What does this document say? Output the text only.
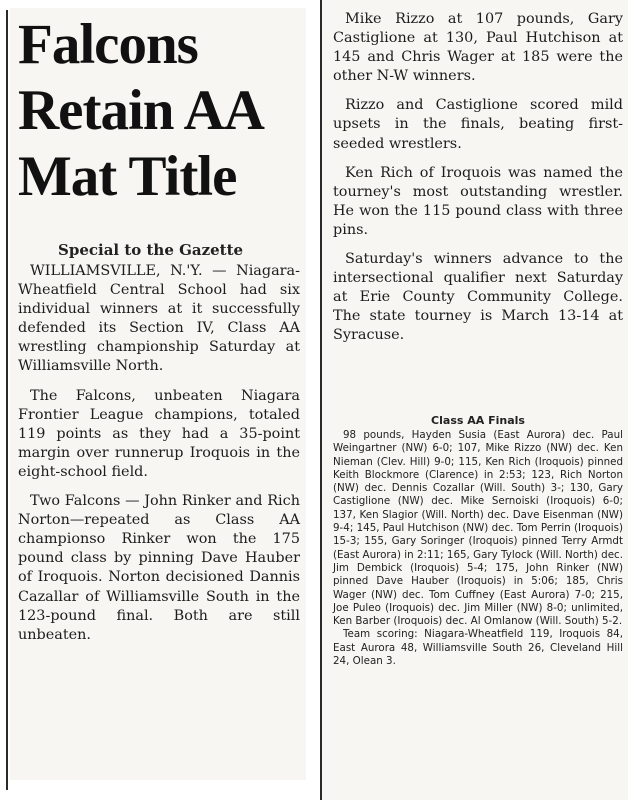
Falcons
Retain AA
Mat Title
Special to the Gazette

WILLIAMSVILLE, N.'Y. — Niagara-Wheatfield Central School had six individual winners at it successfully defended its Section IV, Class AA wrestling championship Saturday at Williamsville North.

The Falcons, unbeaten Niagara Frontier League champions, totaled 119 points as they had a 35-point margin over runnerup Iroquois in the eight-school field.

Two Falcons — John Rinker and Rich Norton—repeated as Class AA championso Rinker won the 175 pound class by pinning Dave Hauber of Iroquois. Norton decisioned Dannis Cazallar of Williamsville South in the 123-pound final. Both are still unbeaten.

Mike Rizzo at 107 pounds, Gary Castiglione at 130, Paul Hutchison at 145 and Chris Wager at 185 were the other N-W winners.

Rizzo and Castiglione scored mild upsets in the finals, beating first-seeded wrestlers.

Ken Rich of Iroquois was named the tourney's most outstanding wrestler. He won the 115 pound class with three pins.

Saturday's winners advance to the intersectional qualifier next Saturday at Erie County Community College. The state tourney is March 13-14 at Syracuse.

Class AA Finals

98 pounds, Hayden Susia (East Aurora) dec. Paul Weingartner (NW) 6-0; 107, Mike Rizzo (NW) dec. Ken Nieman (Clev. Hill) 9-0; 115, Ken Rich (Iroquois) pinned Keith Blockmore (Clarence) in 2:53; 123, Rich Norton (NW) dec. Dennis Cozallar (Will. South) 3-; 130, Gary Castiglione (NW) dec. Mike Sernoiski (Iroquois) 6-0; 137, Ken Slagior (Will. North) dec. Dave Eisenman (NW) 9-4; 145, Paul Hutchison (NW) dec. Tom Perrin (Iroquois) 15-3; 155, Gary Soringer (Iroquois) pinned Terry Armdt (East Aurora) in 2:11; 165, Gary Tylock (Will. North) dec. Jim Dembick (Iroquois) 5-4; 175, John Rinker (NW) pinned Dave Hauber (Iroquois) in 5:06; 185, Chris Wager (NW) dec. Tom Cuffney (East Aurora) 7-0; 215, Joe Puleo (Iroquois) dec. Jim Miller (NW) 8-0; unlimited, Ken Barber (Iroquois) dec. Al Omlanow (Will. South) 5-2.

Team scoring: Niagara-Wheatfield 119, Iroquois 84, East Aurora 48, Williamsville South 26, Cleveland Hill 24, Olean 3.
